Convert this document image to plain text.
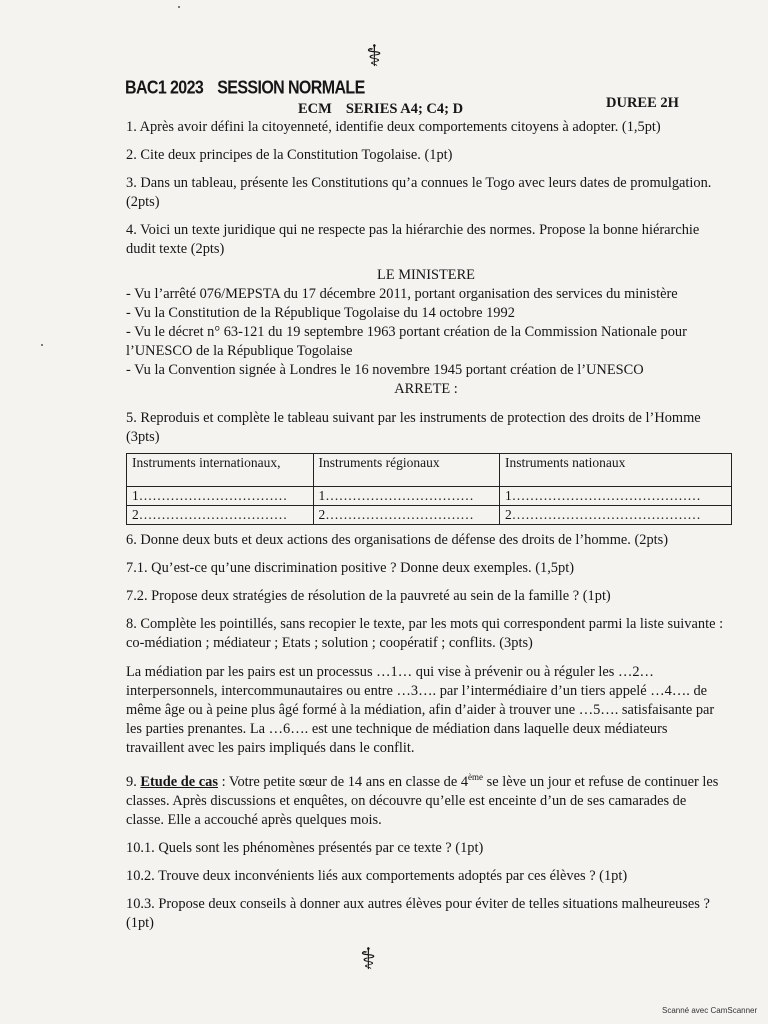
⚕
BAC1 2023 SESSION NORMALE
ECM SERIES A4; C4; D	DUREE 2H

1. Après avoir défini la citoyenneté, identifie deux comportements citoyens à adopter. (1,5pt)

2. Cite deux principes de la Constitution Togolaise. (1pt)

3. Dans un tableau, présente les Constitutions qu’a connues le Togo avec leurs dates de promulgation. (2pts)

4. Voici un texte juridique qui ne respecte pas la hiérarchie des normes. Propose la bonne hiérarchie dudit texte (2pts)

LE MINISTERE

- Vu l’arrêté 076/MEPSTA du 17 décembre 2011, portant organisation des services du ministère

- Vu la Constitution de la République Togolaise du 14 octobre 1992

- Vu le décret n° 63-121 du 19 septembre 1963 portant création de la Commission Nationale pour l’UNESCO de la République Togolaise

- Vu la Convention signée à Londres le 16 novembre 1945 portant création de l’UNESCO

ARRETE :

5. Reproduis et complète le tableau suivant par les instruments de protection des droits de l’Homme (3pts)

Instruments internationaux,	Instruments régionaux	Instruments nationaux
1……………………………	1……………………………	1……………………………………
2……………………………	2……………………………	2……………………………………

6. Donne deux buts et deux actions des organisations de défense des droits de l’homme. (2pts)

7.1. Qu’est-ce qu’une discrimination positive ? Donne deux exemples. (1,5pt)

7.2. Propose deux stratégies de résolution de la pauvreté au sein de la famille ? (1pt)

8. Complète les pointillés, sans recopier le texte, par les mots qui correspondent parmi la liste suivante : co-médiation ; médiateur ; Etats ; solution ; coopératif ; conflits. (3pts)

La médiation par les pairs est un processus …1… qui vise à prévenir ou à réguler les …2… interpersonnels, intercommunautaires ou entre …3…. par l’intermédiaire d’un tiers appelé …4…. de même âge ou à peine plus âgé formé à la médiation, afin d’aider à trouver une …5…. satisfaisante par les parties prenantes. La …6…. est une technique de médiation dans laquelle deux médiateurs travaillent avec les pairs impliqués dans le conflit.

9. Etude de cas : Votre petite sœur de 14 ans en classe de 4ème se lève un jour et refuse de continuer les classes. Après discussions et enquêtes, on découvre qu’elle est enceinte d’un de ses camarades de classe. Elle a accouché après quelques mois.

10.1. Quels sont les phénomènes présentés par ce texte ? (1pt)

10.2. Trouve deux inconvénients liés aux comportements adoptés par ces élèves ? (1pt)

10.3. Propose deux conseils à donner aux autres élèves pour éviter de telles situations malheureuses ? (1pt)

⚕
Scanné avec CamScanner
